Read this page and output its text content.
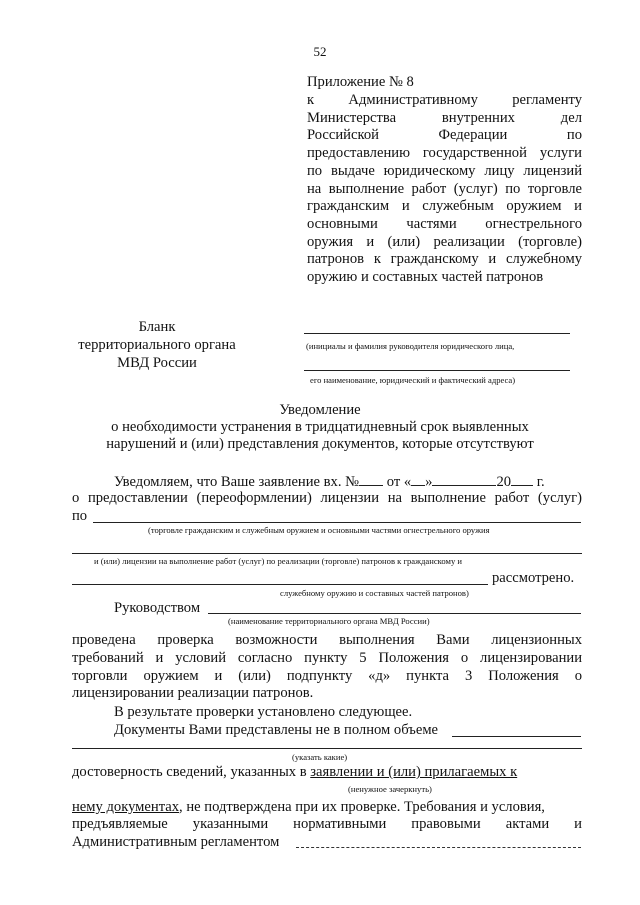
52
Приложение № 8
к Административному регламенту
Министерства внутренних дел
Российской Федерации по
предоставлению государственной услуги
по выдаче юридическому лицу лицензий
на выполнение работ (услуг) по торговле
гражданским и служебным оружием и
основными частями огнестрельного
оружия и (или) реализации (торговле)
патронов к гражданскому и служебному
оружию и составных частей патронов
Бланк
территориального органа
МВД России
(инициалы и фамилия руководителя юридического лица,
его наименование, юридический и фактический адреса)
Уведомление
о необходимости устранения в тридцатидневный срок выявленных
нарушений и (или) представления документов, которые отсутствуют
Уведомляем, что Ваше заявление вх. № от « »	20 г.
о предоставлении (переоформлении) лицензии на выполнение работ (услуг)
по
(торговле гражданским и служебным оружием и основными частями огнестрельного оружия
и (или) лицензии на выполнение работ (услуг) по реализации (торговле) патронов к гражданскому и
рассмотрено.
служебному оружию и составных частей патронов)
Руководством
(наименование территориального органа МВД России)
проведена проверка возможности выполнения Вами лицензионных
требований и условий согласно пункту 5 Положения о лицензировании
торговли оружием и (или) подпункту «д» пункта 3 Положения о
лицензировании реализации патронов.
В результате проверки установлено следующее.
Документы Вами представлены не в полном объеме
(указать какие)
достоверность сведений, указанных в заявлении и (или) прилагаемых к
(ненужное зачеркнуть)
нему документах, не подтверждена при их проверке. Требования и условия,
предъявляемые указанными нормативными правовыми актами и
Административным регламентом
